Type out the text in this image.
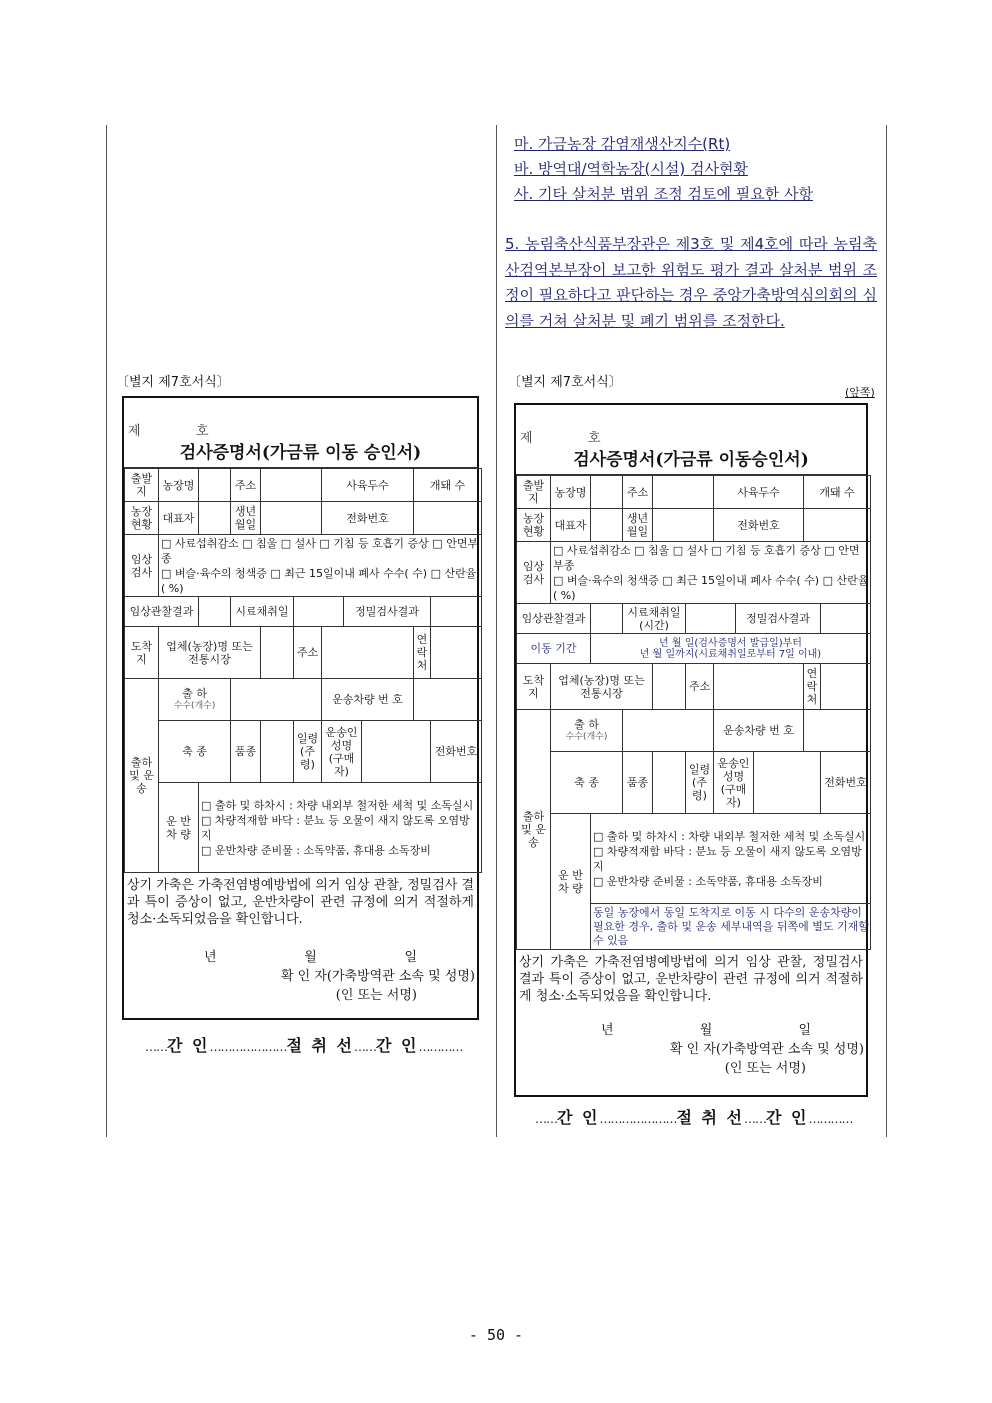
마. 가금농장 감염재생산지수(Rt)
바. 방역대/역학농장(시설) 검사현황
사. 기타 살처분 범위 조정 검토에 필요한 사항
5. 농림축산식품부장관은 제3호 및 제4호에 따라 농림축산검역본부장이 보고한 위험도 평가 결과 살처분 범위 조정이 필요하다고 판단하는 경우 중앙가축방역심의회의 심의를 거쳐 살처분 및 폐기 범위를 조정한다.
〔별지 제7호서식〕
제	호
검사증명서(가금류 이동 승인서)
출발지	농장명		주소			사육두수			개돼 수		
농장현황	대표자		생년월일			전화번호					
임상검사	□ 사료섭취감소 □ 침울 □ 설사 □ 기침 등 호흡기 증상 □ 안면부종
□ 벼슬·육수의 청색증 □ 최근 15일이내 폐사 수수( 수) □ 산란율( %)										

임상관찰결과			시료채취일				정밀검사결과				
도착지	업체(농장)명 또는 전통시장				주소				연락처		
출하 및 운송	출 하
수수(개수)					운송차량 번 호					
	축 종		품종		일령(주령)	운송인 성명 (구매자)				전화번호	
	운 반 차 량	□ 출하 및 하차시 : 차량 내외부 철저한 세척 및 소독실시
□ 차량적재함 바닥 : 분뇨 등 오물이 새지 않도록 오염방지
□ 운반차량 준비물 : 소독약품, 휴대용 소독장비									
상기 가축은 가축전염병예방법에 의거 임상 관찰, 정밀검사 결과 특이 증상이 없고, 운반차량이 관련 규정에 의거 적절하게 청소·소독되었음을 확인합니다.
년	월	일
확 인 자(가축방역관 소속 및 성명)
(인 또는 서명)
……간 인…………………절 취 선……간 인…………
〔별지 제7호서식〕
(앞쪽)
제	호
검사증명서(가금류 이동승인서)
출발지	농장명		주소			사육두수			개돼 수		
농장현황	대표자		생년월일			전화번호					
임상검사	□ 사료섭취감소 □ 침울 □ 설사 □ 기침 등 호흡기 증상 □ 안면부종
□ 벼슬·육수의 청색증 □ 최근 15일이내 폐사 수수( 수) □ 산란율( %)										

임상관찰결과			시료채취일(시간)				정밀검사결과				
이동 기간		년 월 일(검사증명서 발급일)부터
년 월 일까지(시료채취일로부터 7일 이내)									

도착지	업체(농장)명 또는 전통시장				주소				연락처		
출하 및 운송	출 하
수수(개수)					운송차량 번 호					
	축 종		품종		일령(주령)	운송인 성명 (구매자)				전화번호	
	운 반 차 량	□ 출하 및 하차시 : 차량 내외부 철저한 세척 및 소독실시
□ 차량적재함 바닥 : 분뇨 등 오물이 새지 않도록 오염방지
□ 운반차량 준비물 : 소독약품, 휴대용 소독장비									

		동일 농장에서 동일 도착지로 이동 시 다수의 운송차량이 필요한 경우, 출하 및 운송 세부내역을 뒤쪽에 별도 기재할 수 있음									
상기 가축은 가축전염병예방법에 의거 임상 관찰, 정밀검사 결과 특이 증상이 없고, 운반차량이 관련 규정에 의거 적절하게 청소·소독되었음을 확인합니다.
년	월	일
확 인 자(가축방역관 소속 및 성명)
(인 또는 서명)
……간 인…………………절 취 선……간 인…………
- 50 -
